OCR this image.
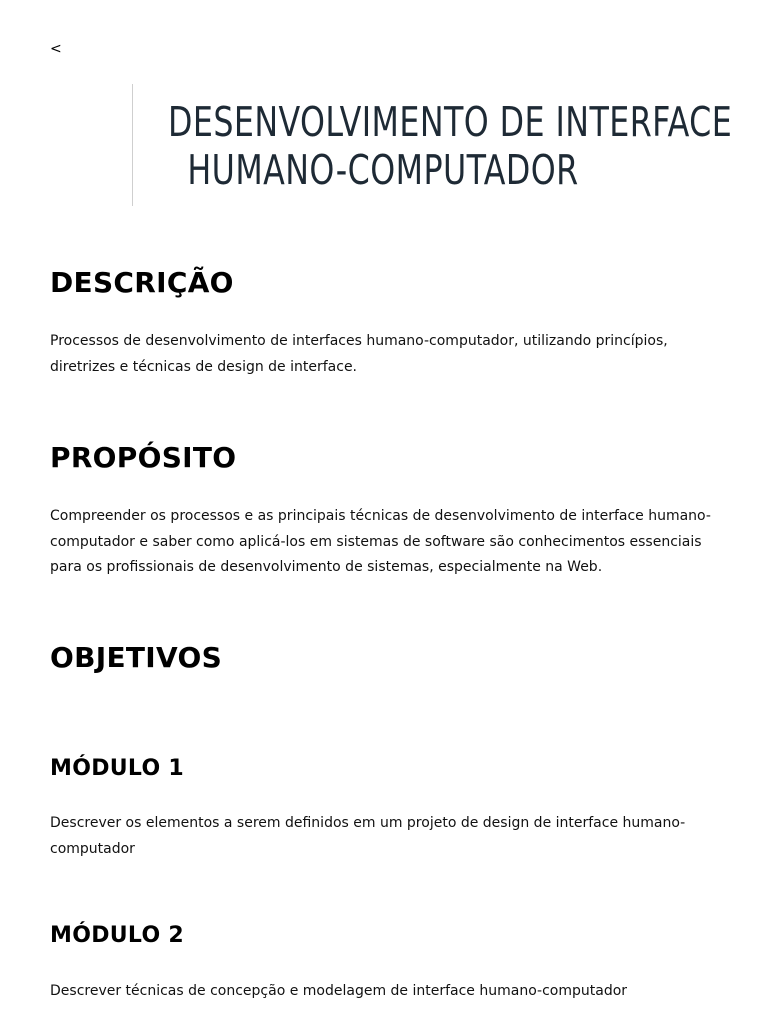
<
DESENVOLVIMENTO DE INTERFACE
HUMANO-COMPUTADOR
DESCRIÇÃO

Processos de desenvolvimento de interfaces humano-computador, utilizando princípios, diretrizes e técnicas de design de interface.

PROPÓSITO

Compreender os processos e as principais técnicas de desenvolvimento de interface humano-computador e saber como aplicá-los em sistemas de software são conhecimentos essenciais para os profissionais de desenvolvimento de sistemas, especialmente na Web.

OBJETIVOS
MÓDULO 1

Descrever os elementos a serem definidos em um projeto de design de interface humano-computador

MÓDULO 2

Descrever técnicas de concepção e modelagem de interface humano-computador
